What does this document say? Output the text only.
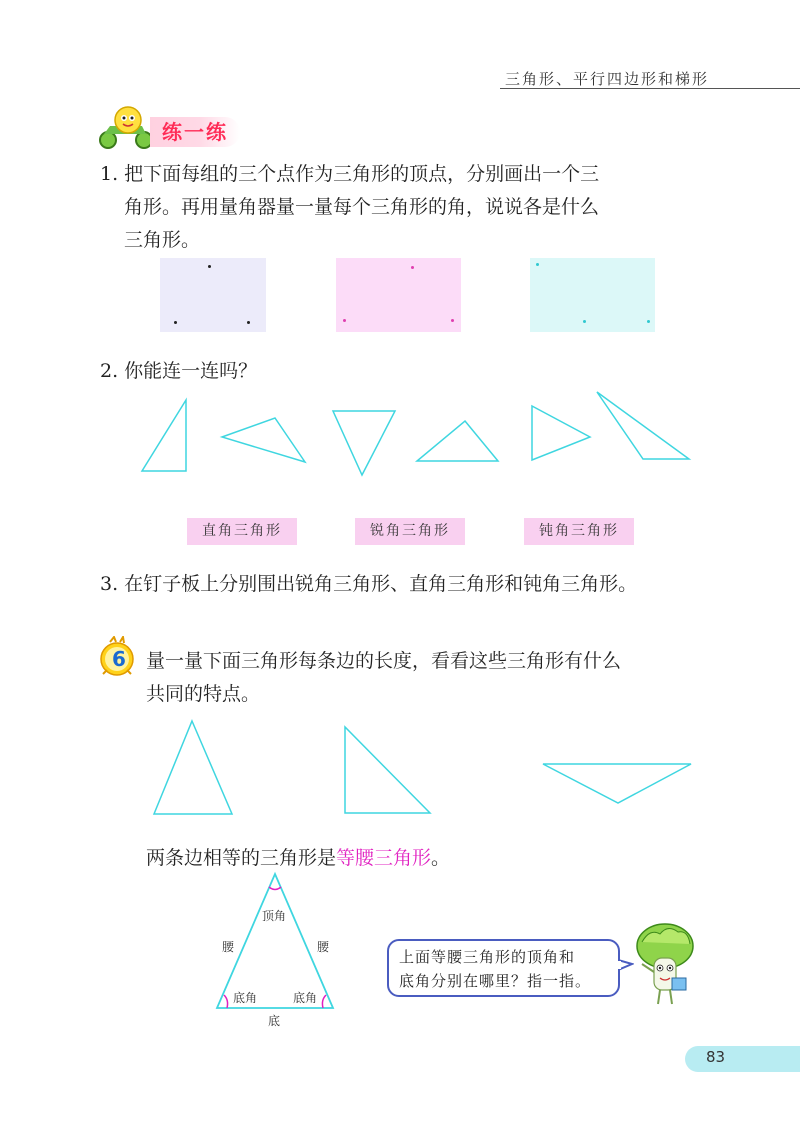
三角形、平行四边形和梯形
练一练
1. 把下面每组的三个点作为三角形的顶点，分别画出一个三
角形。再用量角器量一量每个三角形的角，说说各是什么
三角形。
2. 你能连一连吗？
直角三角形	锐角三角形	钝角三角形
3. 在钉子板上分别围出锐角三角形、直角三角形和钝角三角形。
6 量一量下面三角形每条边的长度，看看这些三角形有什么
共同的特点。
两条边相等的三角形是等腰三角形。
顶角
腰	腰
底角	底角
底
上面等腰三角形的顶角和
底角分别在哪里？指一指。
83
